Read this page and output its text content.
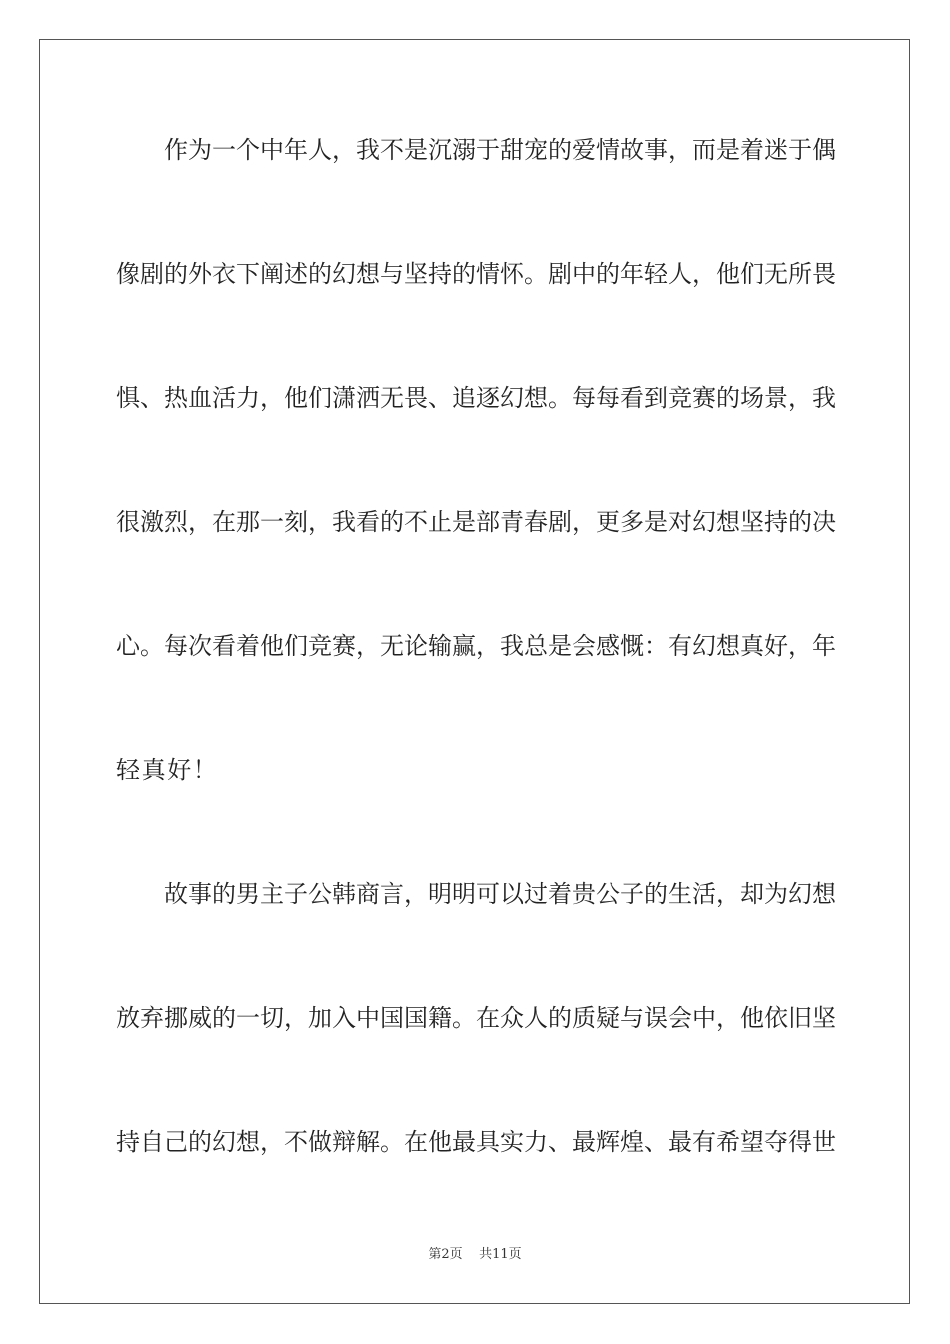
作为一个中年人，我不是沉溺于甜宠的爱情故事，而是着迷于偶
像剧的外衣下阐述的幻想与坚持的情怀。剧中的年轻人，他们无所畏
惧、热血活力，他们潇洒无畏、追逐幻想。每每看到竞赛的场景，我
很激烈，在那一刻，我看的不止是部青春剧，更多是对幻想坚持的决
心。每次看着他们竞赛，无论输赢，我总是会感慨：有幻想真好，年
轻真好！
故事的男主子公韩商言，明明可以过着贵公子的生活，却为幻想
放弃挪威的一切，加入中国国籍。在众人的质疑与误会中，他依旧坚
持自己的幻想，不做辩解。在他最具实力、最辉煌、最有希望夺得世
第2页 共11页
